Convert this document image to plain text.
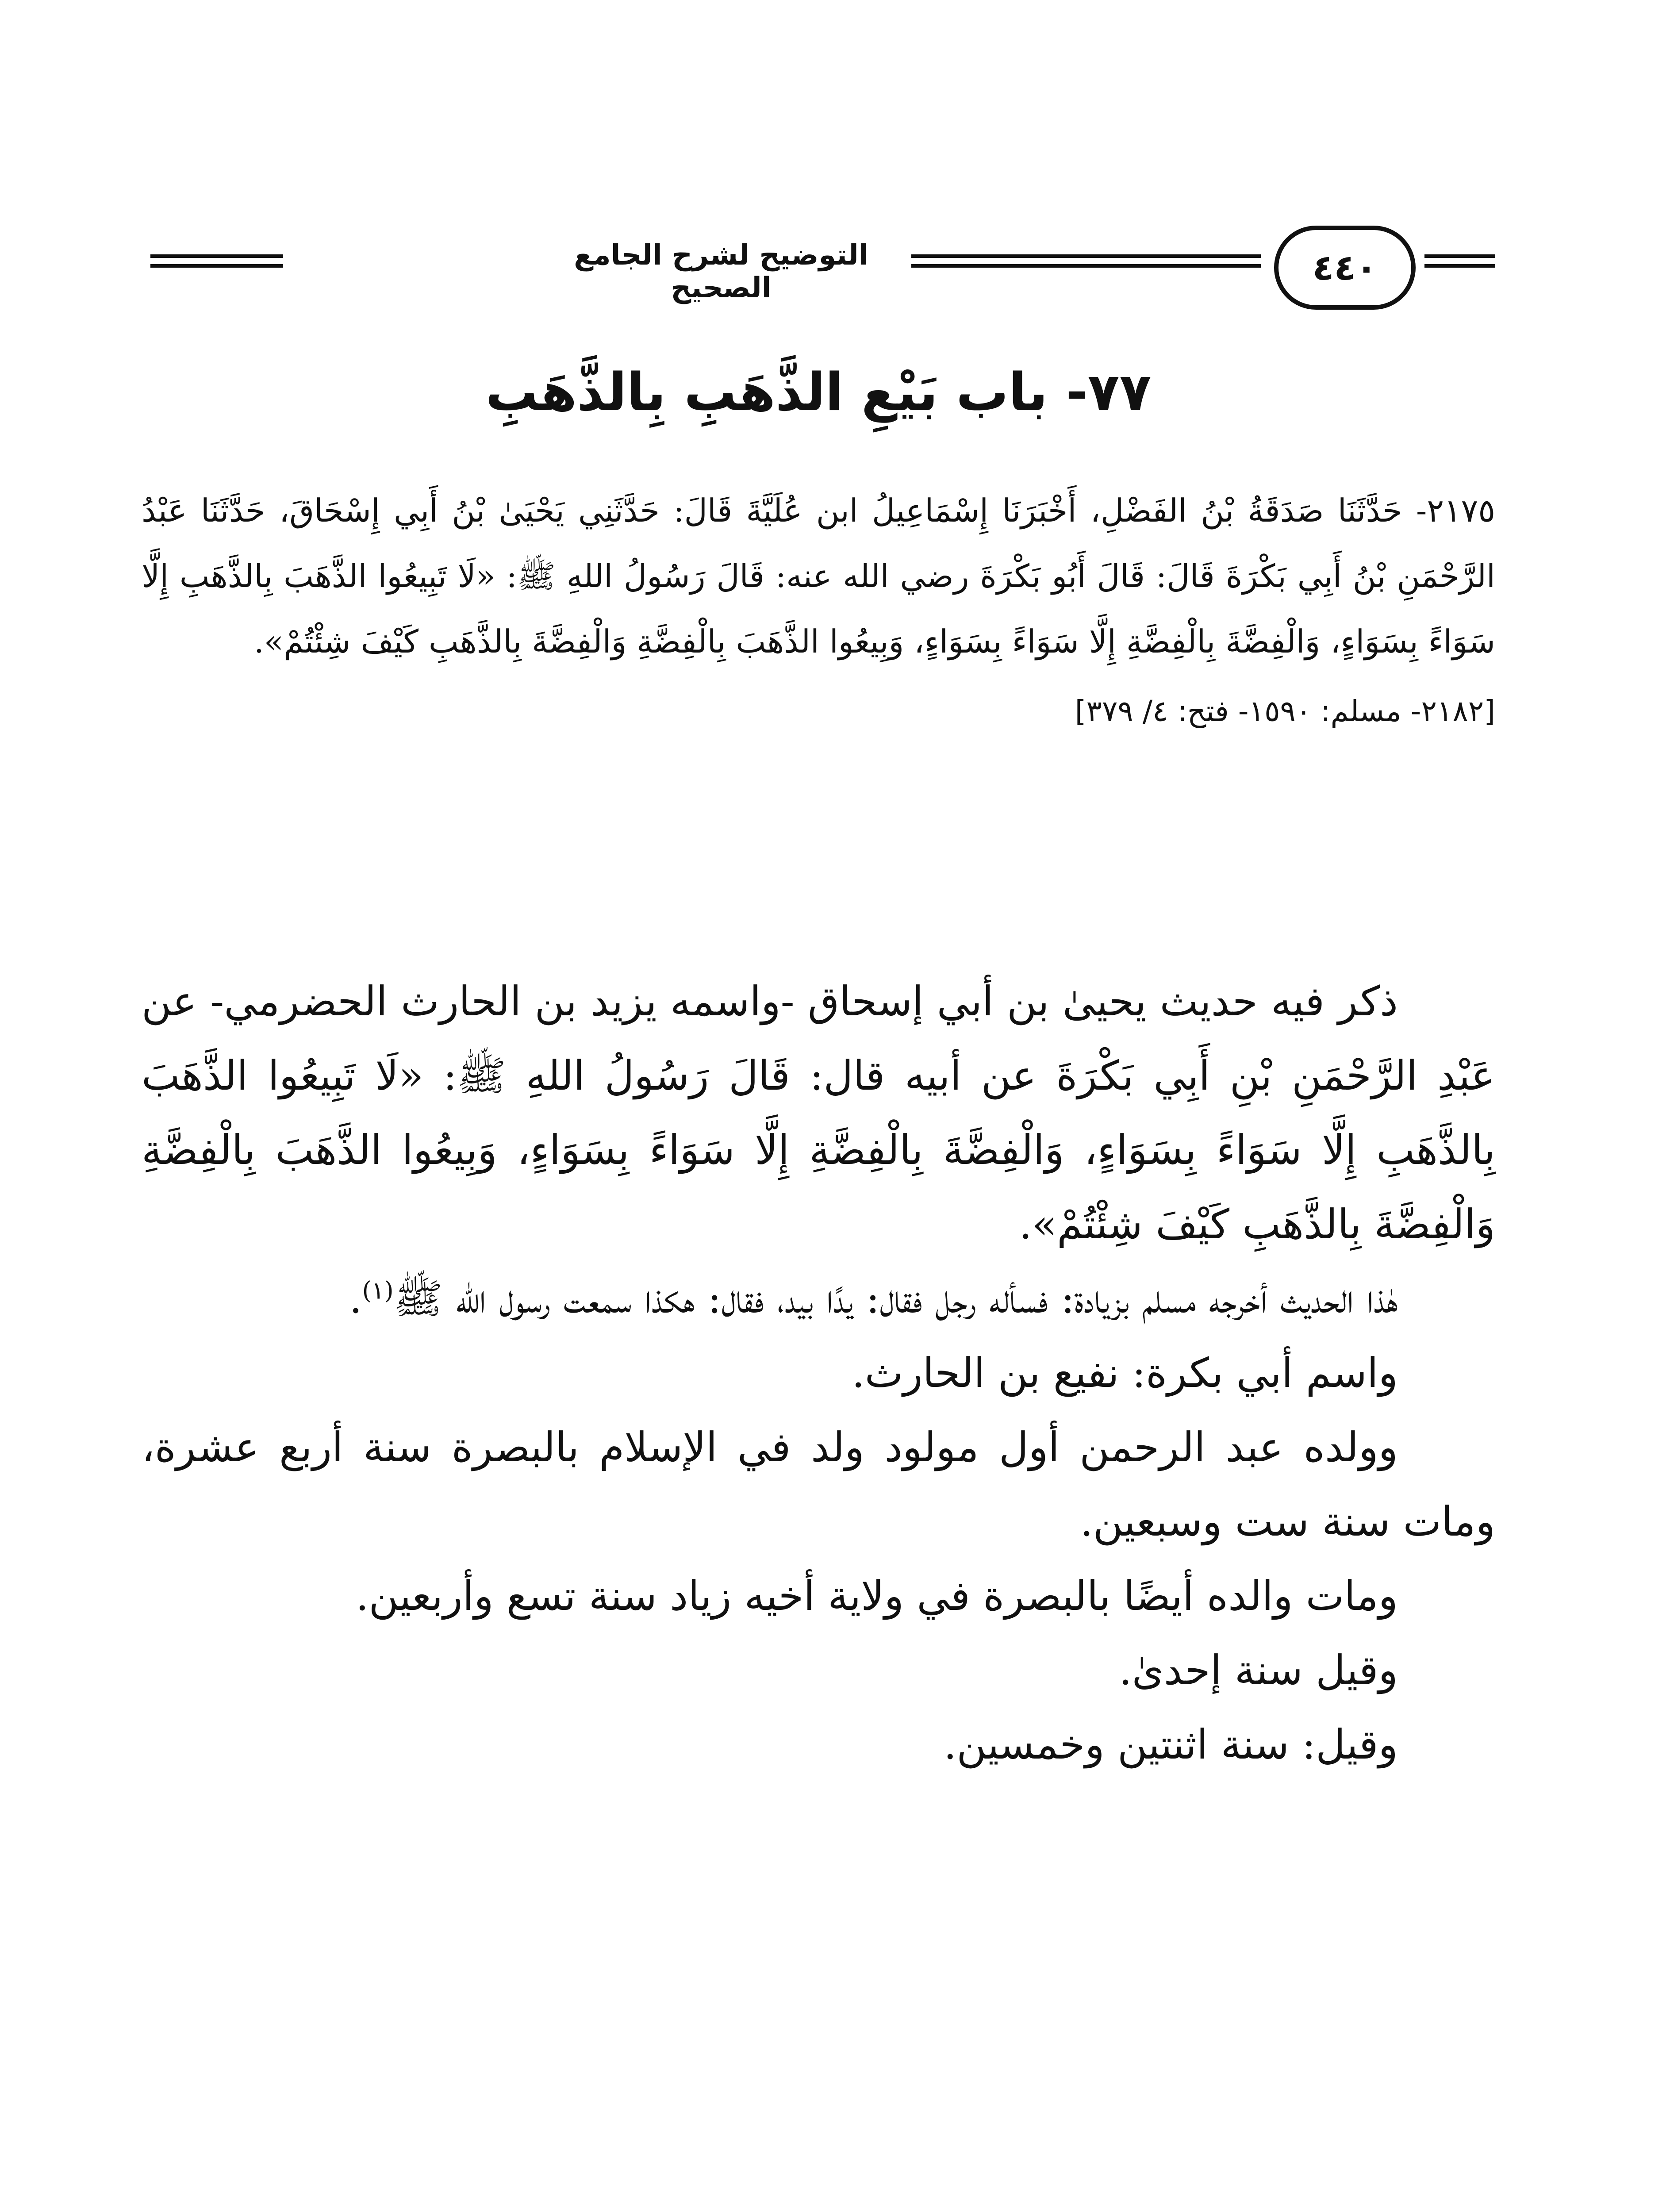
التوضيح لشرح الجامع الصحيح	٤٤٠
٧٧- باب بَيْعِ الذَّهَبِ بِالذَّهَبِ

٢١٧٥- حَدَّثَنَا صَدَقَةُ بْنُ الفَضْلِ، أَخْبَرَنَا إِسْمَاعِيلُ ابن عُلَيَّةَ قَالَ: حَدَّثَنِي يَحْيَىٰ بْنُ أَبِي إِسْحَاقَ، حَدَّثَنَا عَبْدُ الرَّحْمَنِ بْنُ أَبِي بَكْرَةَ قَالَ: قَالَ أَبُو بَكْرَةَ رضي الله عنه: قَالَ رَسُولُ اللهِ ﷺ: «لَا تَبِيعُوا الذَّهَبَ بِالذَّهَبِ إِلَّا سَوَاءً بِسَوَاءٍ، وَالْفِضَّةَ بِالْفِضَّةِ إِلَّا سَوَاءً بِسَوَاءٍ، وَبِيعُوا الذَّهَبَ بِالْفِضَّةِ وَالْفِضَّةَ بِالذَّهَبِ كَيْفَ شِئْتُمْ».

[٢١٨٢- مسلم: ١٥٩٠- فتح: ٤/ ٣٧٩]

ذكر فيه حديث يحيىٰ بن أبي إسحاق -واسمه يزيد بن الحارث الحضرمي- عن عَبْدِ الرَّحْمَنِ بْنِ أَبِي بَكْرَةَ عن أبيه قال: قَالَ رَسُولُ اللهِ ﷺ: «لَا تَبِيعُوا الذَّهَبَ بِالذَّهَبِ إِلَّا سَوَاءً بِسَوَاءٍ، وَالْفِضَّةَ بِالْفِضَّةِ إِلَّا سَوَاءً بِسَوَاءٍ، وَبِيعُوا الذَّهَبَ بِالْفِضَّةِ وَالْفِضَّةَ بِالذَّهَبِ كَيْفَ شِئْتُمْ».

هٰذا الحديث أخرجه مسلم بزيادة: فسأله رجل فقال: يدًا بيد، فقال: هكذا سمعت رسول الله ﷺ$^{(١)}$.

واسم أبي بكرة: نفيع بن الحارث.

وولده عبد الرحمن أول مولود ولد في الإسلام بالبصرة سنة أربع عشرة، ومات سنة ست وسبعين.

ومات والده أيضًا بالبصرة في ولاية أخيه زياد سنة تسع وأربعين.

وقيل سنة إحدىٰ.

وقيل: سنة اثنتين وخمسين.
